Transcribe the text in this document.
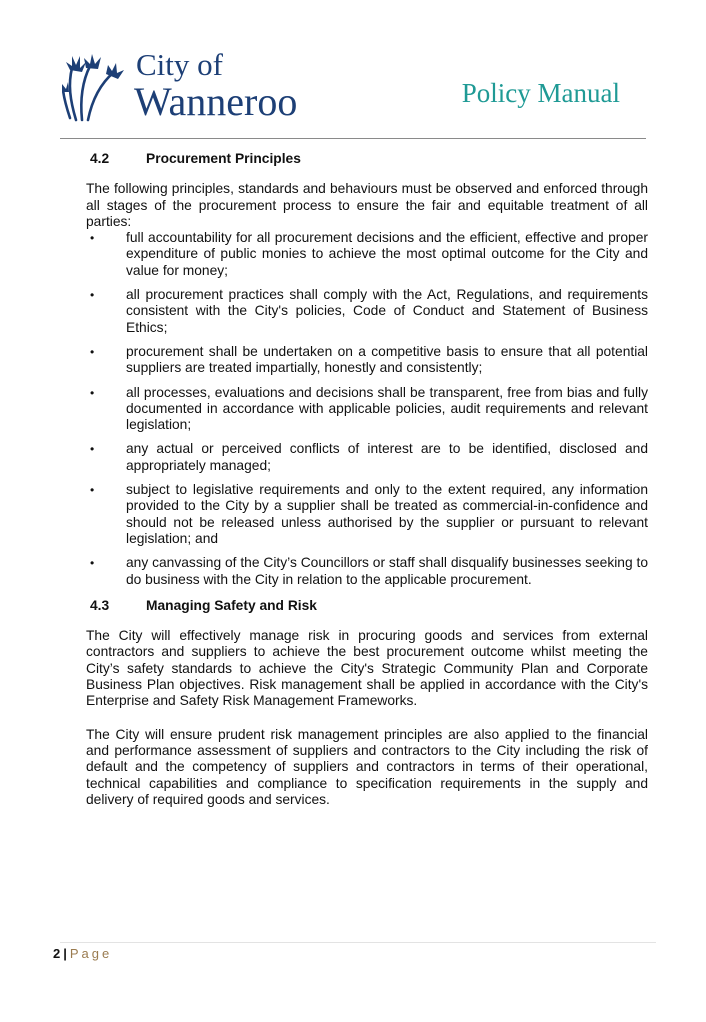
City of
Wanneroo	Policy Manual
4.2	Procurement Principles

The following principles, standards and behaviours must be observed and enforced through all stages of the procurement process to ensure the fair and equitable treatment of all parties:

• full accountability for all procurement decisions and the efficient, effective and proper expenditure of public monies to achieve the most optimal outcome for the City and value for money;
• all procurement practices shall comply with the Act, Regulations, and requirements consistent with the City's policies, Code of Conduct and Statement of Business Ethics;
• procurement shall be undertaken on a competitive basis to ensure that all potential suppliers are treated impartially, honestly and consistently;
• all processes, evaluations and decisions shall be transparent, free from bias and fully documented in accordance with applicable policies, audit requirements and relevant legislation;
• any actual or perceived conflicts of interest are to be identified, disclosed and appropriately managed;
• subject to legislative requirements and only to the extent required, any information provided to the City by a supplier shall be treated as commercial-in-confidence and should not be released unless authorised by the supplier or pursuant to relevant legislation; and
• any canvassing of the City’s Councillors or staff shall disqualify businesses seeking to do business with the City in relation to the applicable procurement.
4.3	Managing Safety and Risk

The City will effectively manage risk in procuring goods and services from external contractors and suppliers to achieve the best procurement outcome whilst meeting the City’s safety standards to achieve the City's Strategic Community Plan and Corporate Business Plan objectives. Risk management shall be applied in accordance with the City's Enterprise and Safety Risk Management Frameworks.

The City will ensure prudent risk management principles are also applied to the financial and performance assessment of suppliers and contractors to the City including the risk of default and the competency of suppliers and contractors in terms of their operational, technical capabilities and compliance to specification requirements in the supply and delivery of required goods and services.

2 | Page
